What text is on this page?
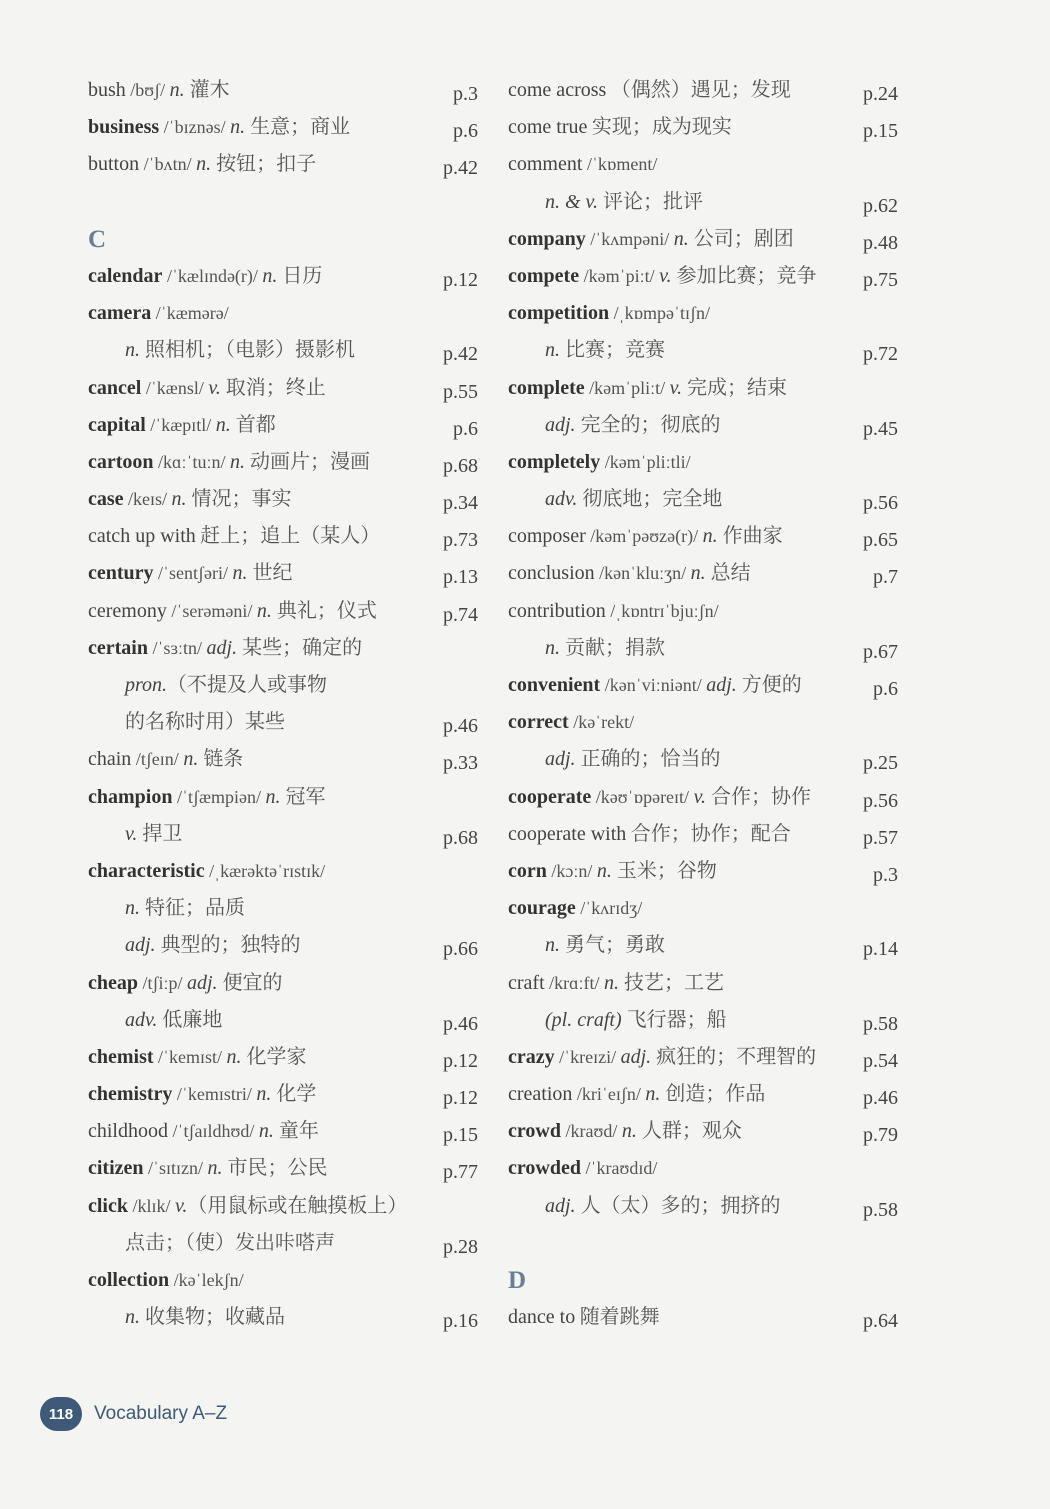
bush /bʊʃ/ n. 灌木	p.3
business /ˈbɪznəs/ n. 生意；商业	p.6
button /ˈbʌtn/ n. 按钮；扣子	p.42
C
calendar /ˈkælɪndə(r)/ n. 日历	p.12
camera /ˈkæmərə/
n. 照相机；（电影）摄影机	p.42
cancel /ˈkænsl/ v. 取消；终止	p.55
capital /ˈkæpɪtl/ n. 首都	p.6
cartoon /kɑːˈtuːn/ n. 动画片；漫画	p.68
case /keɪs/ n. 情况；事实	p.34
catch up with 赶上；追上（某人）	p.73
century /ˈsentʃəri/ n. 世纪	p.13
ceremony /ˈserəməni/ n. 典礼；仪式	p.74
certain /ˈsɜːtn/ adj. 某些；确定的
pron.（不提及人或事物
的名称时用）某些	p.46
chain /tʃeɪn/ n. 链条	p.33
champion /ˈtʃæmpiən/ n. 冠军
v. 捍卫	p.68
characteristic /ˌkærəktəˈrɪstɪk/
n. 特征；品质
adj. 典型的；独特的	p.66
cheap /tʃiːp/ adj. 便宜的
adv. 低廉地	p.46
chemist /ˈkemɪst/ n. 化学家	p.12
chemistry /ˈkemɪstri/ n. 化学	p.12
childhood /ˈtʃaɪldhʊd/ n. 童年	p.15
citizen /ˈsɪtɪzn/ n. 市民；公民	p.77
click /klɪk/ v.（用鼠标或在触摸板上）
点击；（使）发出咔嗒声	p.28
collection /kəˈlekʃn/
n. 收集物；收藏品	p.16
come across （偶然）遇见；发现	p.24
come true 实现；成为现实	p.15
comment /ˈkɒment/
n. & v. 评论；批评	p.62
company /ˈkʌmpəni/ n. 公司；剧团	p.48
compete /kəmˈpiːt/ v. 参加比赛；竞争 p.75
competition /ˌkɒmpəˈtɪʃn/
n. 比赛；竞赛	p.72
complete /kəmˈpliːt/ v. 完成；结束
adj. 完全的；彻底的	p.45
completely /kəmˈpliːtli/
adv. 彻底地；完全地	p.56
composer /kəmˈpəʊzə(r)/ n. 作曲家	p.65
conclusion /kənˈkluːʒn/ n. 总结	p.7
contribution /ˌkɒntrɪˈbjuːʃn/
n. 贡献；捐款	p.67
convenient /kənˈviːniənt/ adj. 方便的	p.6
correct /kəˈrekt/
adj. 正确的；恰当的	p.25
cooperate /kəʊˈɒpəreɪt/ v. 合作；协作	p.56
cooperate with 合作；协作；配合	p.57
corn /kɔːn/ n. 玉米；谷物	p.3
courage /ˈkʌrɪdʒ/
n. 勇气；勇敢	p.14
craft /krɑːft/ n. 技艺；工艺
(pl. craft) 飞行器；船	p.58
crazy /ˈkreɪzi/ adj. 疯狂的；不理智的 p.54
creation /kriˈeɪʃn/ n. 创造；作品	p.46
crowd /kraʊd/ n. 人群；观众	p.79
crowded /ˈkraʊdɪd/
adj. 人（太）多的；拥挤的	p.58
D
dance to 随着跳舞	p.64
118	Vocabulary A–Z
